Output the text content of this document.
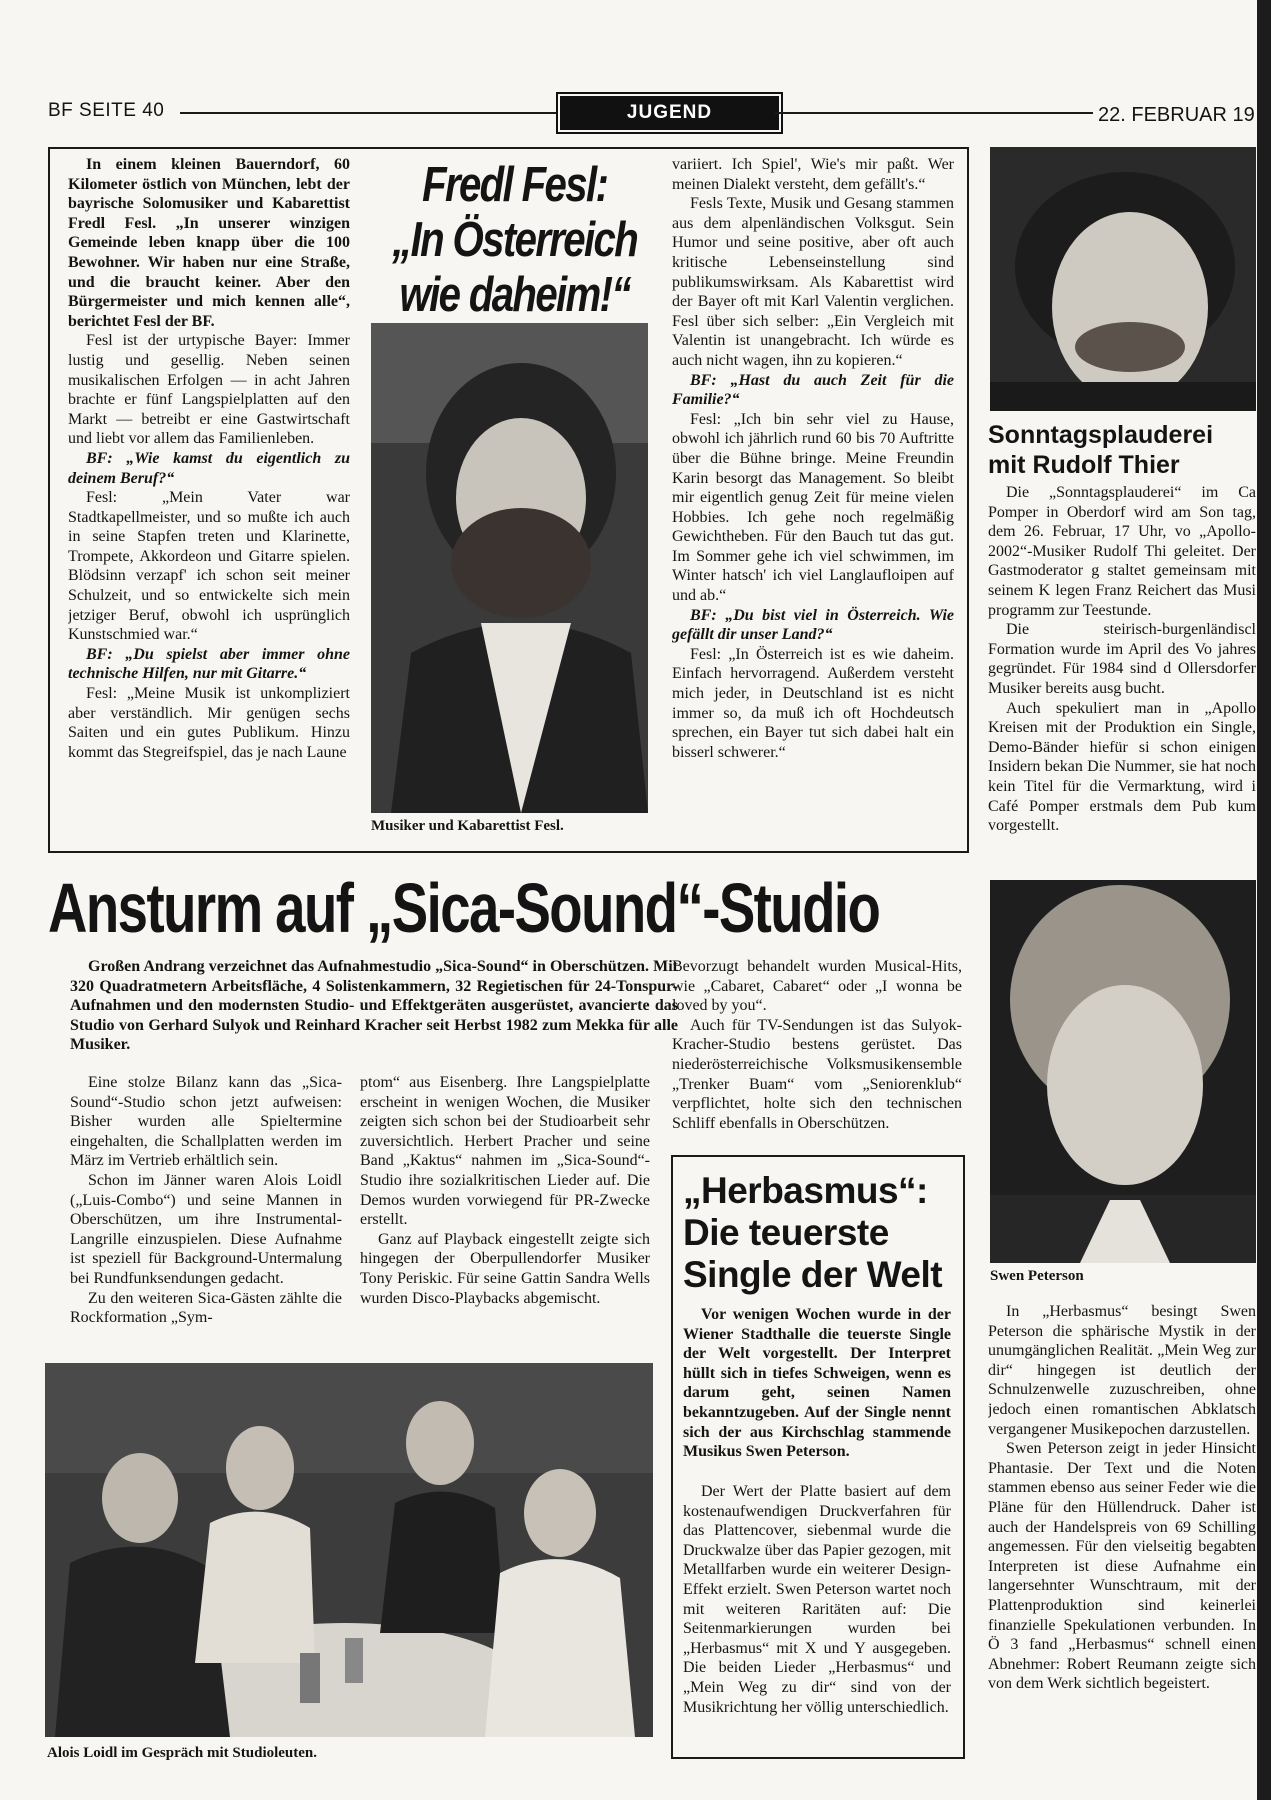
BF SEITE 40	JUGEND	22. FEBRUAR 19

In einem kleinen Bauerndorf, 60 Kilometer östlich von München, lebt der bayrische Solomusiker und Kabarettist Fredl Fesl. „In unserer winzigen Gemeinde leben knapp über die 100 Bewohner. Wir haben nur eine Straße, und die braucht keiner. Aber den Bürgermeister und mich kennen alle“, berichtet Fesl der BF.

Fesl ist der urtypische Bayer: Immer lustig und gesellig. Neben seinen musikalischen Erfolgen — in acht Jahren brachte er fünf Langspielplatten auf den Markt — betreibt er eine Gastwirtschaft und liebt vor allem das Familienleben.

BF: „Wie kamst du eigentlich zu deinem Beruf?“

Fesl: „Mein Vater war Stadtkapellmeister, und so mußte ich auch in seine Stapfen treten und Klarinette, Trompete, Akkordeon und Gitarre spielen. Blödsinn verzapf' ich schon seit meiner Schulzeit, und so entwickelte sich mein jetziger Beruf, obwohl ich usprünglich Kunstschmied war.“

BF: „Du spielst aber immer ohne technische Hilfen, nur mit Gitarre.“

Fesl: „Meine Musik ist unkompliziert aber verständlich. Mir genügen sechs Saiten und ein gutes Publikum. Hinzu kommt das Stegreifspiel, das je nach Laune

Fredl Fesl:
„In Österreich
wie daheim!“
Musiker und Kabarettist Fesl.

variiert. Ich Spiel', Wie's mir paßt. Wer meinen Dialekt versteht, dem gefällt's.“

Fesls Texte, Musik und Gesang stammen aus dem alpenländischen Volksgut. Sein Humor und seine positive, aber oft auch kritische Lebenseinstellung sind publikumswirksam. Als Kabarettist wird der Bayer oft mit Karl Valentin verglichen. Fesl über sich selber: „Ein Vergleich mit Valentin ist unangebracht. Ich würde es auch nicht wagen, ihn zu kopieren.“

BF: „Hast du auch Zeit für die Familie?“

Fesl: „Ich bin sehr viel zu Hause, obwohl ich jährlich rund 60 bis 70 Auftritte über die Bühne bringe. Meine Freundin Karin besorgt das Management. So bleibt mir eigentlich genug Zeit für meine vielen Hobbies. Ich gehe noch regelmäßig Gewichtheben. Für den Bauch tut das gut. Im Sommer gehe ich viel schwimmen, im Winter hatsch' ich viel Langlaufloipen auf und ab.“

BF: „Du bist viel in Österreich. Wie gefällt dir unser Land?“

Fesl: „In Österreich ist es wie daheim. Einfach hervorragend. Außerdem versteht mich jeder, in Deutschland ist es nicht immer so, da muß ich oft Hochdeutsch sprechen, ein Bayer tut sich dabei halt ein bisserl schwerer.“

Sonntagsplauderei
mit Rudolf Thier

Die „Sonntagsplauderei“ im Ca Pomper in Oberdorf wird am Son tag, dem 26. Februar, 17 Uhr, vo „Apollo-2002“-Musiker Rudolf Thi geleitet. Der Gastmoderator g staltet gemeinsam mit seinem K legen Franz Reichert das Musi programm zur Teestunde.

Die steirisch-burgenländiscl Formation wurde im April des Vo jahres gegründet. Für 1984 sind d Ollersdorfer Musiker bereits ausg bucht.

Auch spekuliert man in „Apollo Kreisen mit der Produktion ein Single, Demo-Bänder hiefür si schon einigen Insidern bekan Die Nummer, sie hat noch kein Titel für die Vermarktung, wird i Café Pomper erstmals dem Pub kum vorgestellt.

Ansturm auf „Sica-Sound“-Studio

Großen Andrang verzeichnet das Aufnahmestudio „Sica-Sound“ in Oberschützen. Mit 320 Quadratmetern Arbeitsfläche, 4 Solistenkammern, 32 Regietischen für 24-Tonspur-Aufnahmen und den modernsten Studio- und Effektgeräten ausgerüstet, avancierte das Studio von Gerhard Sulyok und Reinhard Kracher seit Herbst 1982 zum Mekka für alle Musiker.

Eine stolze Bilanz kann das „Sica-Sound“-Studio schon jetzt aufweisen: Bisher wurden alle Spieltermine eingehalten, die Schallplatten werden im März im Vertrieb erhältlich sein.

Schon im Jänner waren Alois Loidl („Luis-Combo“) und seine Mannen in Oberschützen, um ihre Instrumental-Langrille einzuspielen. Diese Aufnahme ist speziell für Background-Untermalung bei Rundfunksendungen gedacht.

Zu den weiteren Sica-Gästen zählte die Rockformation „Sym-

ptom“ aus Eisenberg. Ihre Langspielplatte erscheint in wenigen Wochen, die Musiker zeigten sich schon bei der Studioarbeit sehr zuversichtlich. Herbert Pracher und seine Band „Kaktus“ nahmen im „Sica-Sound“-Studio ihre sozialkritischen Lieder auf. Die Demos wurden vorwiegend für PR-Zwecke erstellt.

Ganz auf Playback eingestellt zeigte sich hingegen der Oberpullendorfer Musiker Tony Periskic. Für seine Gattin Sandra Wells wurden Disco-Playbacks abgemischt.

Bevorzugt behandelt wurden Musical-Hits, wie „Cabaret, Cabaret“ oder „I wonna be loved by you“.

Auch für TV-Sendungen ist das Sulyok-Kracher-Studio bestens gerüstet. Das niederösterreichische Volksmusikensemble „Trenker Buam“ vom „Seniorenklub“ verpflichtet, holte sich den technischen Schliff ebenfalls in Oberschützen.

Alois Loidl im Gespräch mit Studioleuten.
„Herbasmus“:
Die teuerste
Single der Welt

Vor wenigen Wochen wurde in der Wiener Stadthalle die teuerste Single der Welt vorgestellt. Der Interpret hüllt sich in tiefes Schweigen, wenn es darum geht, seinen Namen bekanntzugeben. Auf der Single nennt sich der aus Kirchschlag stammende Musikus Swen Peterson.

Der Wert der Platte basiert auf dem kostenaufwendigen Druckverfahren für das Plattencover, siebenmal wurde die Druckwalze über das Papier gezogen, mit Metallfarben wurde ein weiterer Design-Effekt erzielt. Swen Peterson wartet noch mit weiteren Raritäten auf: Die Seitenmarkierungen wurden bei „Herbasmus“ mit X und Y ausgegeben. Die beiden Lieder „Herbasmus“ und „Mein Weg zu dir“ sind von der Musikrichtung her völlig unterschiedlich.

Swen Peterson

In „Herbasmus“ besingt Swen Peterson die sphärische Mystik in der unumgänglichen Realität. „Mein Weg zur dir“ hingegen ist deutlich der Schnulzenwelle zuzuschreiben, ohne jedoch einen romantischen Abklatsch vergangener Musikepochen darzustellen.

Swen Peterson zeigt in jeder Hinsicht Phantasie. Der Text und die Noten stammen ebenso aus seiner Feder wie die Pläne für den Hüllendruck. Daher ist auch der Handelspreis von 69 Schilling angemessen. Für den vielseitig begabten Interpreten ist diese Aufnahme ein langersehnter Wunschtraum, mit der Plattenproduktion sind keinerlei finanzielle Spekulationen verbunden. In Ö 3 fand „Herbasmus“ schnell einen Abnehmer: Robert Reumann zeigte sich von dem Werk sichtlich begeistert.
